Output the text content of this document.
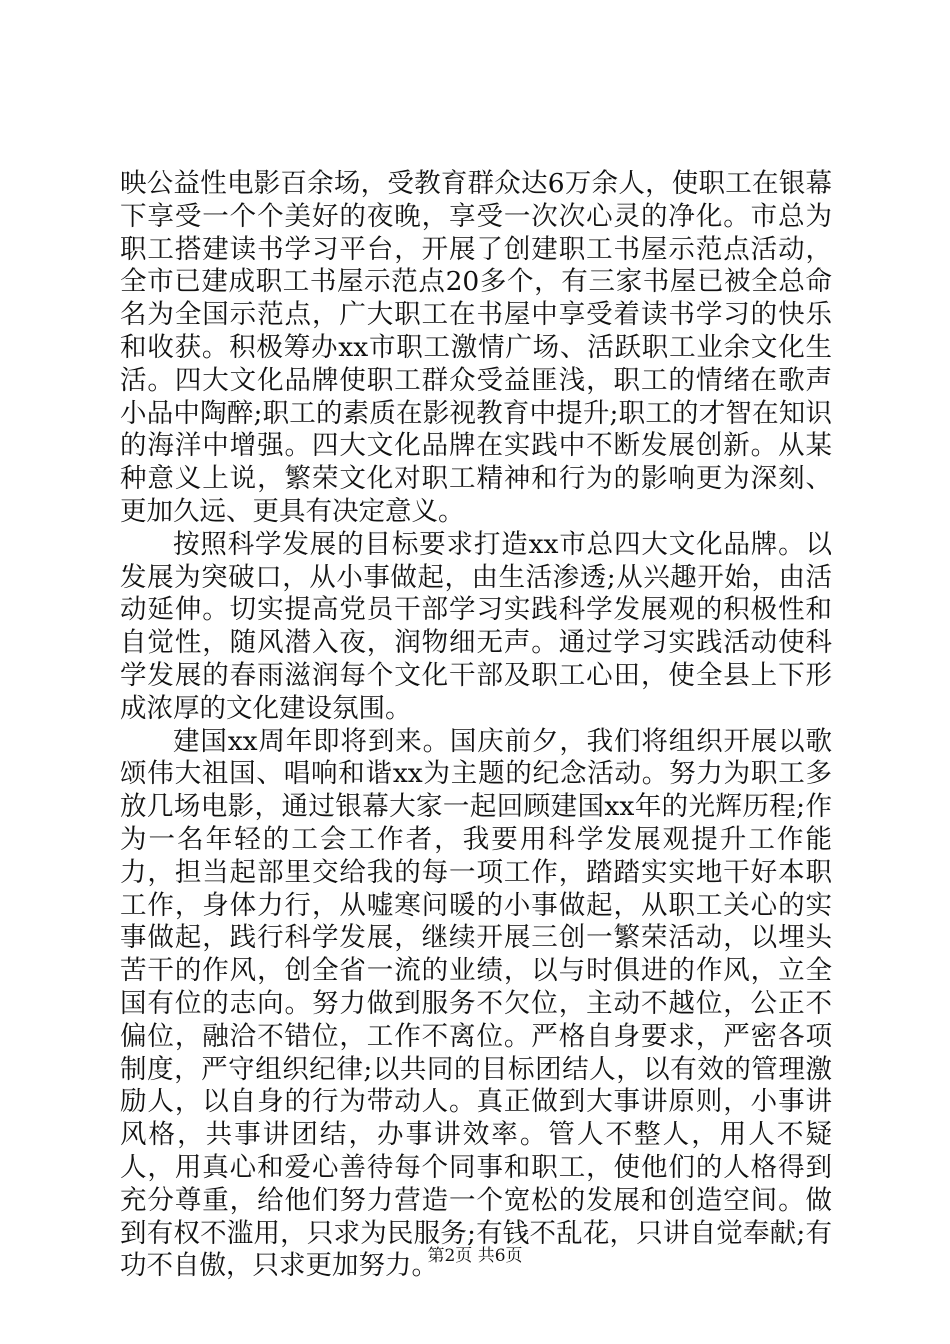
映公益性电影百余场，受教育群众达6万余人，使职工在银幕下享受一个个美好的夜晚，享受一次次心灵的净化。市总为职工搭建读书学习平台，开展了创建职工书屋示范点活动，全市已建成职工书屋示范点20多个，有三家书屋已被全总命名为全国示范点，广大职工在书屋中享受着读书学习的快乐和收获。积极筹办xx市职工激情广场、活跃职工业余文化生活。四大文化品牌使职工群众受益匪浅，职工的情绪在歌声小品中陶醉;职工的素质在影视教育中提升;职工的才智在知识的海洋中增强。四大文化品牌在实践中不断发展创新。从某种意义上说，繁荣文化对职工精神和行为的影响更为深刻、更加久远、更具有决定意义。

按照科学发展的目标要求打造xx市总四大文化品牌。以发展为突破口，从小事做起，由生活渗透;从兴趣开始，由活动延伸。切实提高党员干部学习实践科学发展观的积极性和自觉性，随风潜入夜，润物细无声。通过学习实践活动使科学发展的春雨滋润每个文化干部及职工心田，使全县上下形成浓厚的文化建设氛围。

建国xx周年即将到来。国庆前夕，我们将组织开展以歌颂伟大祖国、唱响和谐xx为主题的纪念活动。努力为职工多放几场电影，通过银幕大家一起回顾建国xx年的光辉历程;作为一名年轻的工会工作者，我要用科学发展观提升工作能力，担当起部里交给我的每一项工作，踏踏实实地干好本职工作，身体力行，从嘘寒问暖的小事做起，从职工关心的实事做起，践行科学发展，继续开展三创一繁荣活动，以埋头苦干的作风，创全省一流的业绩，以与时俱进的作风，立全国有位的志向。努力做到服务不欠位，主动不越位，公正不偏位，融洽不错位，工作不离位。严格自身要求，严密各项制度，严守组织纪律;以共同的目标团结人，以有效的管理激励人，以自身的行为带动人。真正做到大事讲原则，小事讲风格，共事讲团结，办事讲效率。管人不整人，用人不疑人，用真心和爱心善待每个同事和职工，使他们的人格得到充分尊重，给他们努力营造一个宽松的发展和创造空间。做到有权不滥用，只求为民服务;有钱不乱花，只讲自觉奉献;有功不自傲，只求更加努力。

第2页 共6页
